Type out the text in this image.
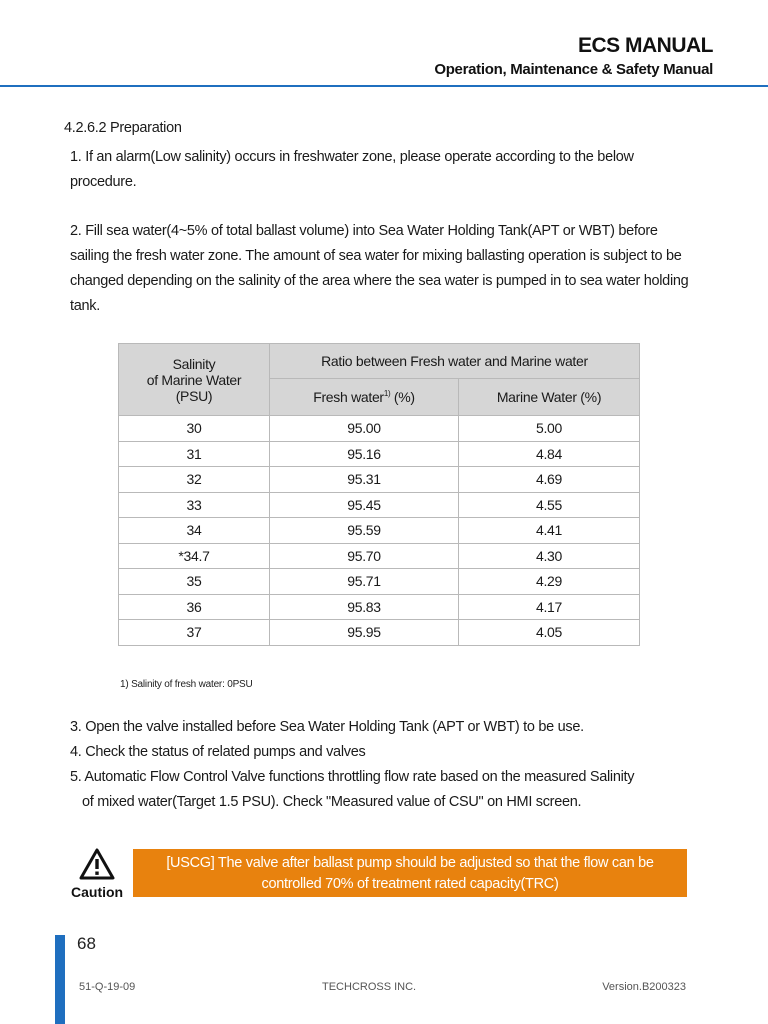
ECS MANUAL
Operation, Maintenance & Safety Manual
4.2.6.2 Preparation
1. If an alarm(Low salinity) occurs in freshwater zone, please operate according to the below procedure.
2. Fill sea water(4~5% of total ballast volume) into Sea Water Holding Tank(APT or WBT) before sailing the fresh water zone. The amount of sea water for mixing ballasting operation is subject to be changed depending on the salinity of the area where the sea water is pumped in to sea water holding tank.
Salinity
of Marine Water
(PSU)	Ratio between Fresh water and Marine water	
	Fresh water$^{1)}$ (%)	Marine Water (%)
30	95.00	5.00
31	95.16	4.84
32	95.31	4.69
33	95.45	4.55
34	95.59	4.41
*34.7	95.70	4.30
35	95.71	4.29
36	95.83	4.17
37	95.95	4.05
1) Salinity of fresh water: 0PSU
3. Open the valve installed before Sea Water Holding Tank (APT or WBT) to be use.
4. Check the status of related pumps and valves
5. Automatic Flow Control Valve functions throttling flow rate based on the measured Salinity
of mixed water(Target 1.5 PSU). Check "Measured value of CSU" on HMI screen.
Caution
[USCG] The valve after ballast pump should be adjusted so that the flow can be
controlled 70% of treatment rated capacity(TRC)
68
51-Q-19-09	TECHCROSS INC.	Version.B200323
